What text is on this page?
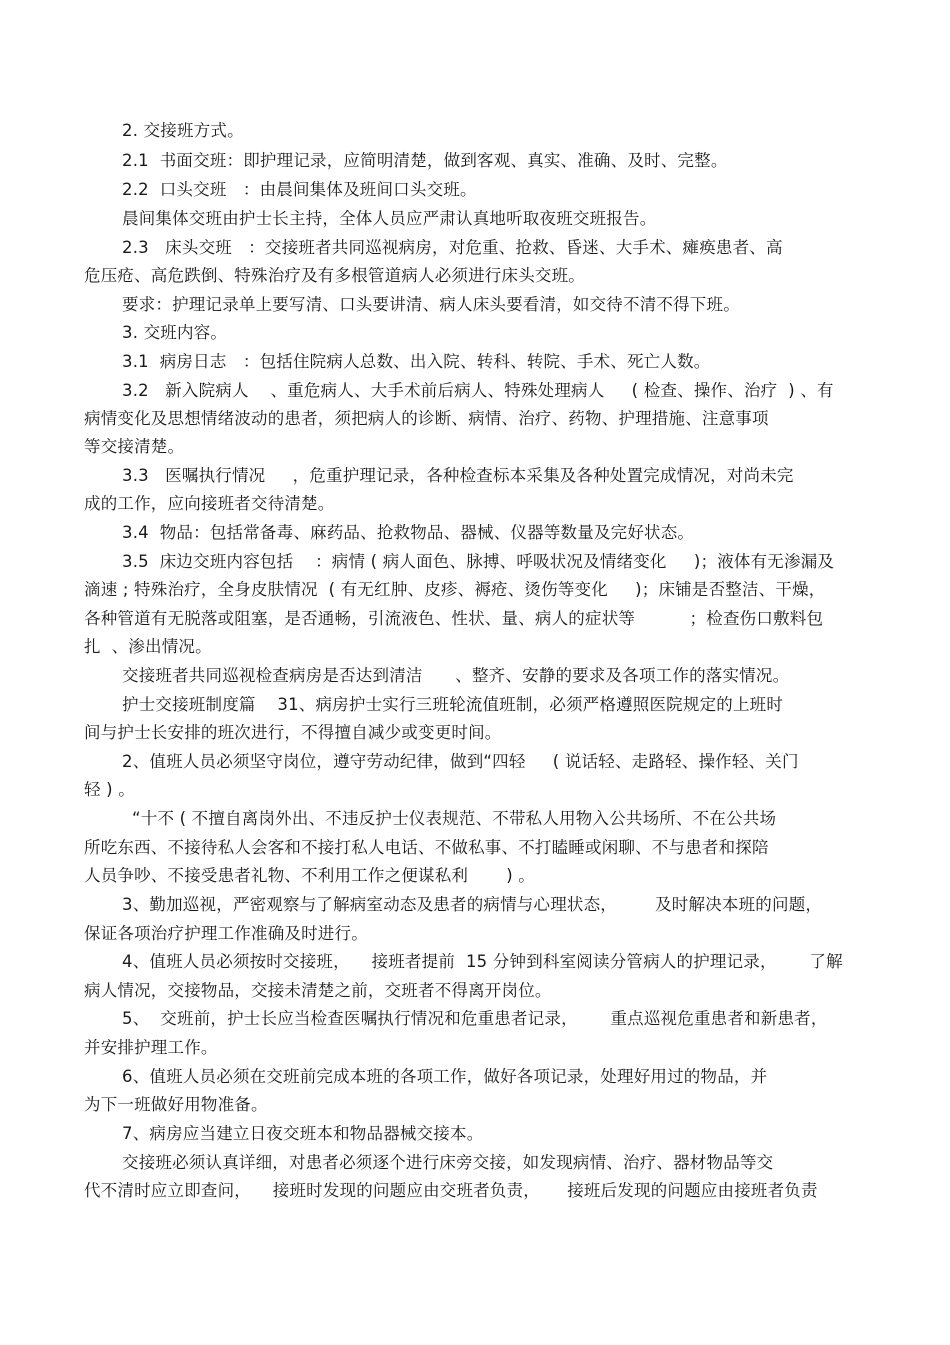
2. 交接班方式。
2.1  书面交班：即护理记录，应简明清楚，做到客观、真实、准确、及时、完整。
2.2  口头交班   ：由晨间集体及班间口头交班。
晨间集体交班由护士长主持，全体人员应严肃认真地听取夜班交班报告。
2.3   床头交班   ：交接班者共同巡视病房，对危重、抢救、昏迷、大手术、瘫痪患者、高
危压疮、高危跌倒、特殊治疗及有多根管道病人必须进行床头交班。
要求：护理记录单上要写清、口头要讲清、病人床头要看清，如交待不清不得下班。
3. 交班内容。
3.1  病房日志   ：包括住院病人总数、出入院、转科、转院、手术、死亡人数。
3.2   新入院病人    、重危病人、大手术前后病人、特殊处理病人     ( 检查、操作、治疗  ) 、有
病情变化及思想情绪波动的患者，须把病人的诊断、病情、治疗、药物、护理措施、注意事项
等交接清楚。
3.3   医嘱执行情况     ，危重护理记录，各种检查标本采集及各种处置完成情况，对尚未完
成的工作，应向接班者交待清楚。
3.4  物品：包括常备毒、麻药品、抢救物品、器械、仪器等数量及完好状态。
3.5  床边交班内容包括    ：病情 ( 病人面色、脉搏、呼吸状况及情绪变化     )；液体有无渗漏及
滴速 ; 特殊治疗，全身皮肤情况  ( 有无红肿、皮疹、褥疮、烫伤等变化     )；床铺是否整洁、干燥，
各种管道有无脱落或阻塞，是否通畅，引流液色、性状、量、病人的症状等          ；检查伤口敷料包
扎  、渗出情况。
交接班者共同巡视检查病房是否达到清洁      、整齐、安静的要求及各项工作的落实情况。
护士交接班制度篇    31、病房护士实行三班轮流值班制，必须严格遵照医院规定的上班时
间与护士长安排的班次进行，不得擅自减少或变更时间。
2、值班人员必须坚守岗位，遵守劳动纪律，做到“四轻     ( 说话轻、走路轻、操作轻、关门
轻 ) 。
“十不 ( 不擅自离岗外出、不违反护士仪表规范、不带私人用物入公共场所、不在公共场
所吃东西、不接待私人会客和不接打私人电话、不做私事、不打瞌睡或闲聊、不与患者和探陪
人员争吵、不接受患者礼物、不利用工作之便谋私利       ) 。
3、勤加巡视，严密观察与了解病室动态及患者的病情与心理状态，       及时解决本班的问题，
保证各项治疗护理工作准确及时进行。
4、值班人员必须按时交接班，    接班者提前  15 分钟到科室阅读分管病人的护理记录，      了解
病人情况，交接物品，交接未清楚之前，交班者不得离开岗位。
5、  交班前，护士长应当检查医嘱执行情况和危重患者记录，      重点巡视危重患者和新患者，
并安排护理工作。
6、值班人员必须在交班前完成本班的各项工作，做好各项记录，处理好用过的物品，并
为下一班做好用物准备。
7、病房应当建立日夜交班本和物品器械交接本。
交接班必须认真详细，对患者必须逐个进行床旁交接，如发现病情、治疗、器材物品等交
代不清时应立即查问，    接班时发现的问题应由交班者负责，     接班后发现的问题应由接班者负责
